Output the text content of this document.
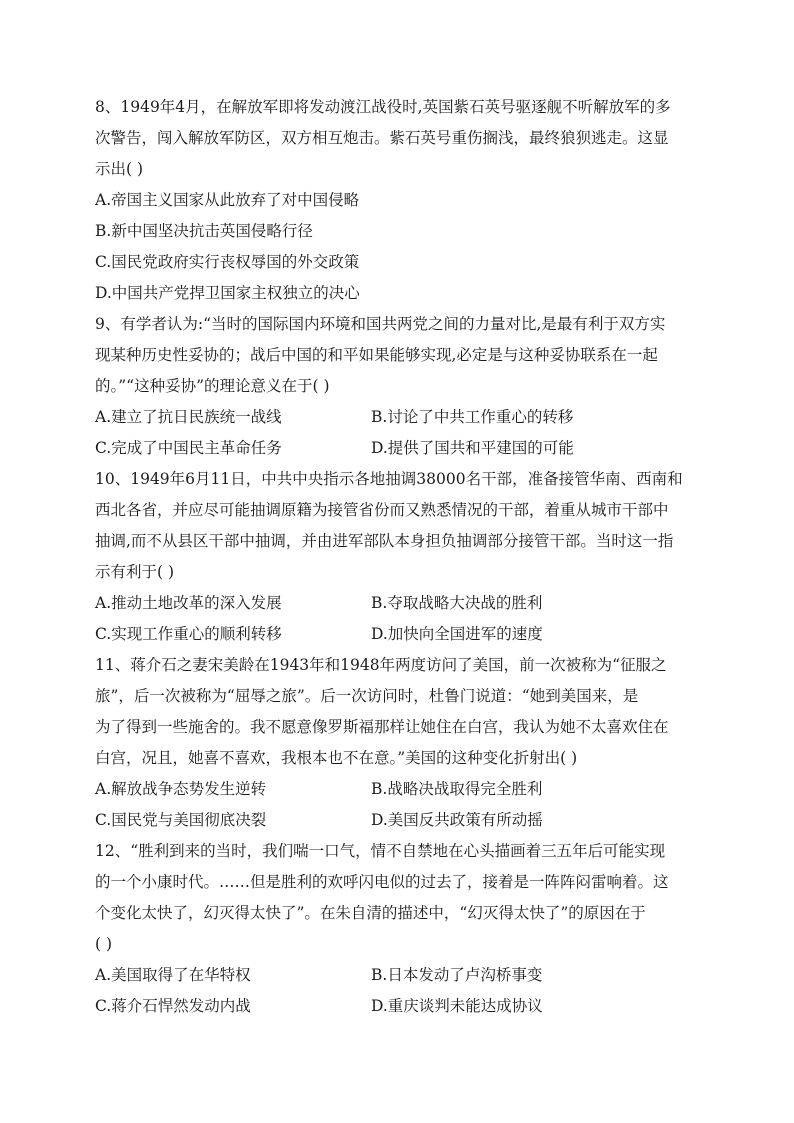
8、1949年4月，在解放军即将发动渡江战役时,英国紫石英号驱逐舰不听解放军的多
次警告，闯入解放军防区，双方相互炮击。紫石英号重伤搁浅，最终狼狈逃走。这显
示出( )
A.帝国主义国家从此放弃了对中国侵略
B.新中国坚决抗击英国侵略行径
C.国民党政府实行丧权辱国的外交政策
D.中国共产党捍卫国家主权独立的决心
9、有学者认为:“当时的国际国内环境和国共两党之间的力量对比,是最有利于双方实
现某种历史性妥协的；战后中国的和平如果能够实现,必定是与这种妥协联系在一起
的。”“这种妥协”的理论意义在于( )
A.建立了抗日民族统一战线	B.讨论了中共工作重心的转移
C.完成了中国民主革命任务	D.提供了国共和平建国的可能
10、1949年6月11日，中共中央指示各地抽调38000名干部，准备接管华南、西南和
西北各省，并应尽可能抽调原籍为接管省份而又熟悉情况的干部，着重从城市干部中
抽调,而不从县区干部中抽调，并由进军部队本身担负抽调部分接管干部。当时这一指
示有利于( )
A.推动土地改革的深入发展	B.夺取战略大决战的胜利
C.实现工作重心的顺利转移	D.加快向全国进军的速度
11、蒋介石之妻宋美龄在1943年和1948年两度访问了美国，前一次被称为“征服之
旅”，后一次被称为“屈辱之旅”。后一次访问时，杜鲁门说道：“她到美国来，是
为了得到一些施舍的。我不愿意像罗斯福那样让她住在白宫，我认为她不太喜欢住在
白宫，况且，她喜不喜欢，我根本也不在意。”美国的这种变化折射出( )
A.解放战争态势发生逆转	B.战略决战取得完全胜利
C.国民党与美国彻底决裂	D.美国反共政策有所动摇
12、“胜利到来的当时，我们喘一口气，情不自禁地在心头描画着三五年后可能实现
的一个小康时代。……但是胜利的欢呼闪电似的过去了，接着是一阵阵闷雷响着。这
个变化太快了，幻灭得太快了”。在朱自清的描述中，“幻灭得太快了”的原因在于
( )
A.美国取得了在华特权	B.日本发动了卢沟桥事变
C.蒋介石悍然发动内战	D.重庆谈判未能达成协议
